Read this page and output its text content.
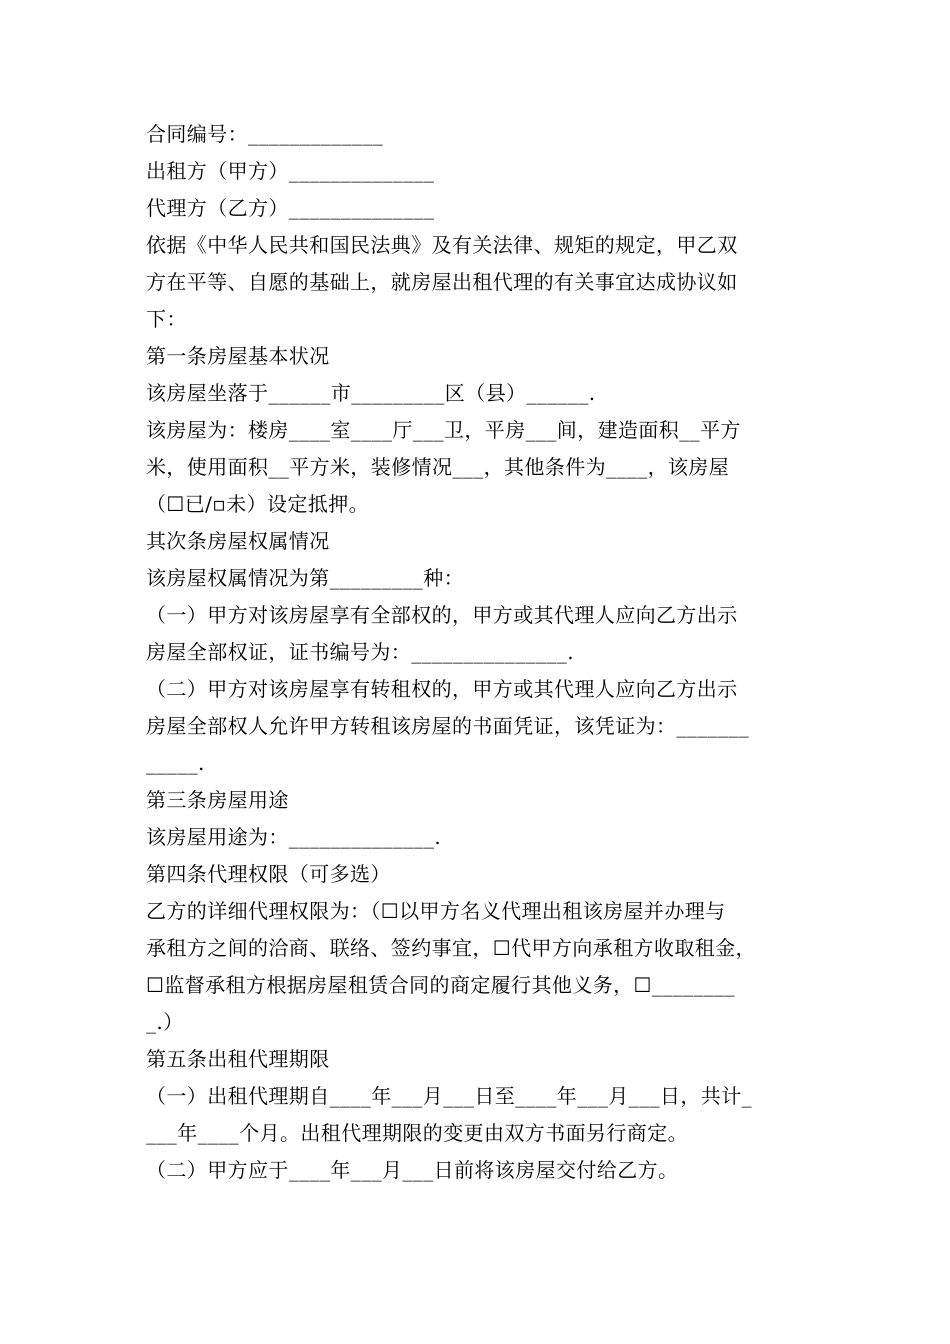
合同编号：_____________
出租方（甲方）______________
代理方（乙方）______________
依据《中华人民共和国民法典》及有关法律、规矩的规定，甲乙双
方在平等、自愿的基础上，就房屋出租代理的有关事宜达成协议如
下：
第一条房屋基本状况
该房屋坐落于______市_________区（县）______.
该房屋为：楼房____室____厅___卫，平房___间，建造面积__平方
米，使用面积__平方米，装修情况___，其他条件为____，该房屋
（☐已/▫未）设定抵押。
其次条房屋权属情况
该房屋权属情况为第_________种：
（一）甲方对该房屋享有全部权的，甲方或其代理人应向乙方出示
房屋全部权证，证书编号为：_______________.
（二）甲方对该房屋享有转租权的，甲方或其代理人应向乙方出示
房屋全部权人允许甲方转租该房屋的书面凭证，该凭证为：_______
_____.
第三条房屋用途
该房屋用途为：______________.
第四条代理权限（可多选）
乙方的详细代理权限为：（☐以甲方名义代理出租该房屋并办理与
承租方之间的洽商、联络、签约事宜，☐代甲方向承租方收取租金，
☐监督承租方根据房屋租赁合同的商定履行其他义务，☐________
_.）
第五条出租代理期限
（一）出租代理期自____年___月___日至____年___月___日，共计_
___年____个月。出租代理期限的变更由双方书面另行商定。
（二）甲方应于____年___月___日前将该房屋交付给乙方。
